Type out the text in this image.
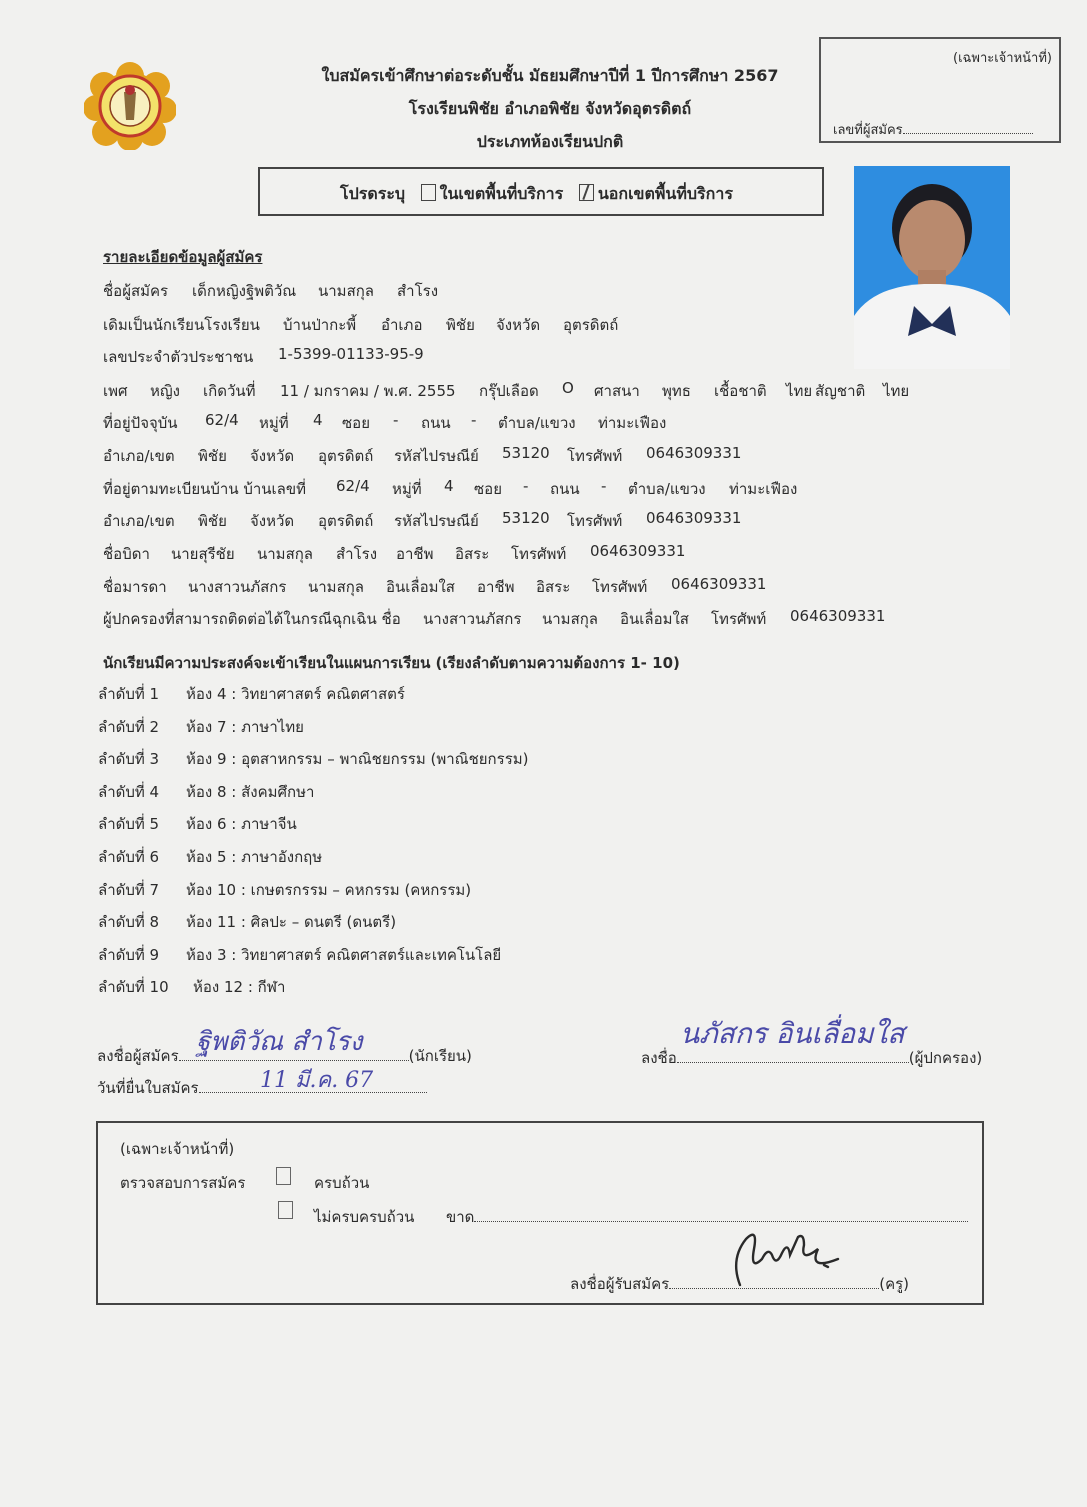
ใบสมัครเข้าศึกษาต่อระดับชั้น มัธยมศึกษาปีที่ 1 ปีการศึกษา 2567
โรงเรียนพิชัย อำเภอพิชัย จังหวัดอุตรดิตถ์
ประเภทห้องเรียนปกติ
(เฉพาะเจ้าหน้าที่)
เลขที่ผู้สมัคร
โปรดระบุ ในเขตพื้นที่บริการ นอกเขตพื้นที่บริการ
รายละเอียดข้อมูลผู้สมัคร
ชื่อผู้สมัคร เด็กหญิงฐิพติวัณ นามสกุล สำโรง
เดิมเป็นนักเรียนโรงเรียน บ้านป่ากะพี้ อำเภอ พิชัย จังหวัด อุตรดิตถ์
เลขประจำตัวประชาชน 1-5399-01133-95-9
เพศ หญิง เกิดวันที่ 11 / มกราคม / พ.ศ. 2555 กรุ๊ปเลือด O ศาสนา พุทธ เชื้อชาติ ไทย สัญชาติ ไทย
ที่อยู่ปัจจุบัน 62/4 หมู่ที่ 4 ซอย - ถนน - ตำบล/แขวง ท่ามะเฟือง
อำเภอ/เขต พิชัย จังหวัด อุตรดิตถ์ รหัสไปรษณีย์ 53120 โทรศัพท์ 0646309331
ที่อยู่ตามทะเบียนบ้าน บ้านเลขที่ 62/4 หมู่ที่ 4 ซอย - ถนน - ตำบล/แขวง ท่ามะเฟือง
อำเภอ/เขต พิชัย จังหวัด อุตรดิตถ์ รหัสไปรษณีย์ 53120 โทรศัพท์ 0646309331
ชื่อบิดา นายสุรีชัย นามสกุล สำโรง อาชีพ อิสระ โทรศัพท์ 0646309331
ชื่อมารดา นางสาวนภัสกร นามสกุล อินเลื่อมใส อาชีพ อิสระ โทรศัพท์ 0646309331
ผู้ปกครองที่สามารถติดต่อได้ในกรณีฉุกเฉิน ชื่อ นางสาวนภัสกร นามสกุล อินเลื่อมใส โทรศัพท์ 0646309331
นักเรียนมีความประสงค์จะเข้าเรียนในแผนการเรียน (เรียงลำดับตามความต้องการ 1- 10)
ลำดับที่ 1 ห้อง 4 : วิทยาศาสตร์ คณิตศาสตร์
ลำดับที่ 2 ห้อง 7 : ภาษาไทย
ลำดับที่ 3 ห้อง 9 : อุตสาหกรรม – พาณิชยกรรม (พาณิชยกรรม)
ลำดับที่ 4 ห้อง 8 : สังคมศึกษา
ลำดับที่ 5 ห้อง 6 : ภาษาจีน
ลำดับที่ 6 ห้อง 5 : ภาษาอังกฤษ
ลำดับที่ 7 ห้อง 10 : เกษตรกรรม – คหกรรม (คหกรรม)
ลำดับที่ 8 ห้อง 11 : ศิลปะ – ดนตรี (ดนตรี)
ลำดับที่ 9 ห้อง 3 : วิทยาศาสตร์ คณิตศาสตร์และเทคโนโลยี
ลำดับที่ 10 ห้อง 12 : กีฬา
ลงชื่อผู้สมัคร	(นักเรียน)
ฐิพติวัณ สำโรง
วันที่ยื่นใบสมัคร	11 มี.ค. 67
ลงชื่อ	(ผู้ปกครอง)
นภัสกร อินเลื่อมใส
(เฉพาะเจ้าหน้าที่)
ตรวจสอบการสมัคร	ครบถ้วน
ไม่ครบครบถ้วน ขาด
ลงชื่อผู้รับสมัคร	(ครู)
